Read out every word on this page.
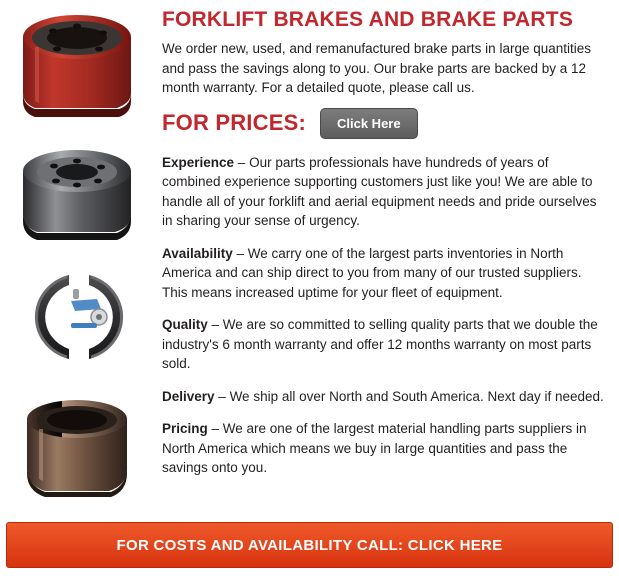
FORKLIFT BRAKES AND BRAKE PARTS

We order new, used, and remanufactured brake parts in large quantities and pass the savings along to you. Our brake parts are backed by a 12 month warranty. For a detailed quote, please call us.

FOR PRICES:	Click Here

Experience – Our parts professionals have hundreds of years of combined experience supporting customers just like you! We are able to handle all of your forklift and aerial equipment needs and pride ourselves in sharing your sense of urgency.

Availability – We carry one of the largest parts inventories in North America and can ship direct to you from many of our trusted suppliers. This means increased uptime for your fleet of equipment.

Quality – We are so committed to selling quality parts that we double the industry's 6 month warranty and offer 12 months warranty on most parts sold.

Delivery – We ship all over North and South America. Next day if needed.

Pricing – We are one of the largest material handling parts suppliers in North America which means we buy in large quantities and pass the savings onto you.

FOR COSTS AND AVAILABILITY CALL: CLICK HERE
